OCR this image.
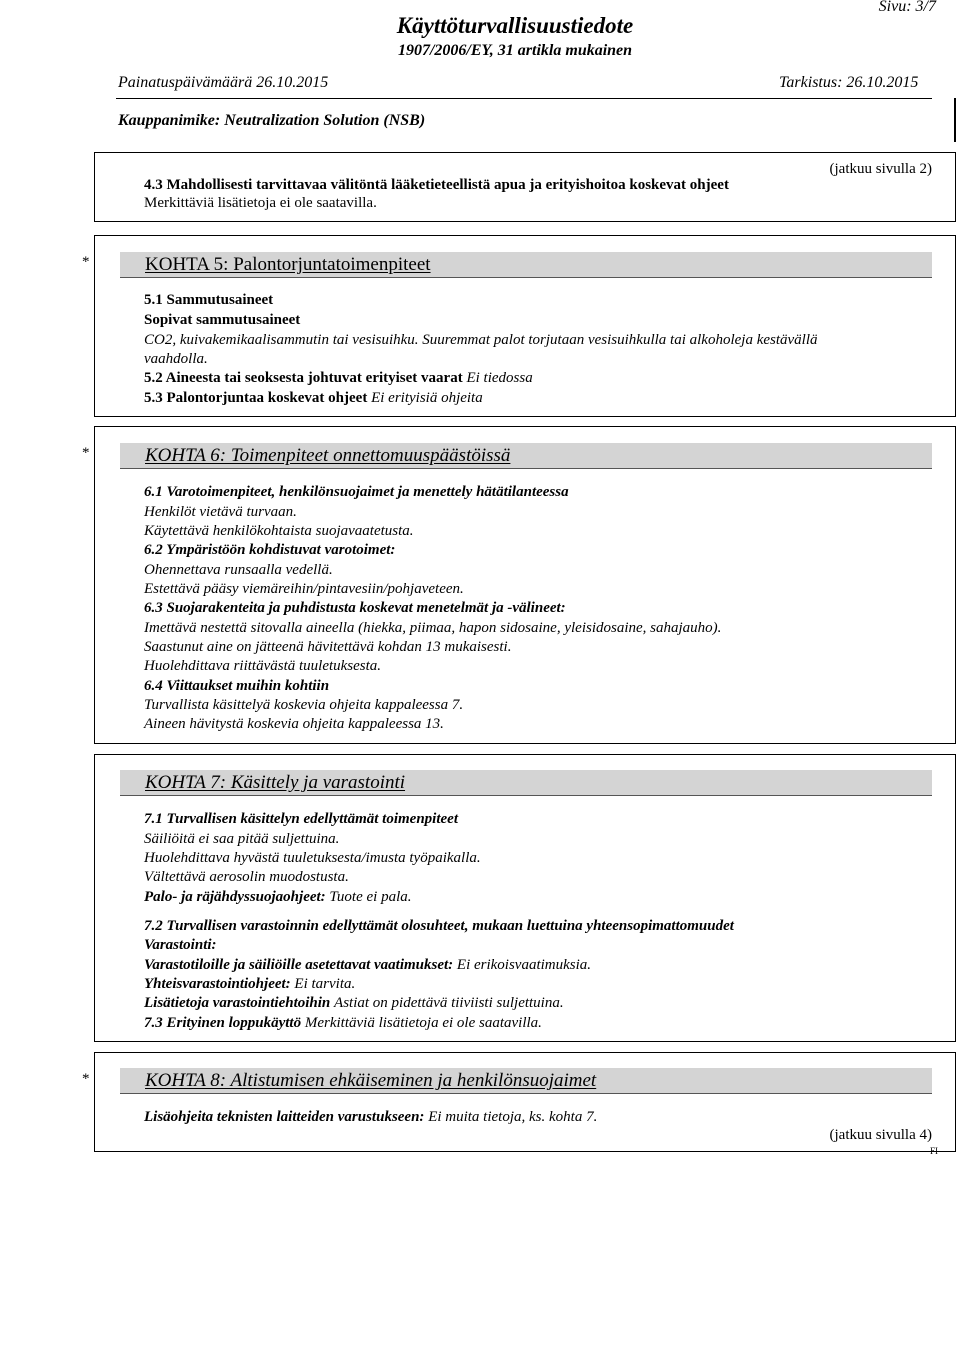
Sivu: 3/7
Käyttöturvallisuustiedote
1907/2006/EY, 31 artikla mukainen
Painatuspäivämäärä 26.10.2015	Tarkistus: 26.10.2015
Kauppanimike: Neutralization Solution (NSB)
(jatkuu sivulla 2)
4.3 Mahdollisesti tarvittavaa välitöntä lääketieteellistä apua ja erityishoitoa koskevat ohjeet
Merkittäviä lisätietoja ei ole saatavilla.
*	KOHTA 5: Palontorjuntatoimenpiteet
5.1 Sammutusaineet
Sopivat sammutusaineet
CO2, kuivakemikaalisammutin tai vesisuihku. Suuremmat palot torjutaan vesisuihkulla tai alkoholeja kestävällä
vaahdolla.
5.2 Aineesta tai seoksesta johtuvat erityiset vaarat Ei tiedossa
5.3 Palontorjuntaa koskevat ohjeet Ei erityisiä ohjeita
*	KOHTA 6: Toimenpiteet onnettomuuspäästöissä
6.1 Varotoimenpiteet, henkilönsuojaimet ja menettely hätätilanteessa
Henkilöt vietävä turvaan.
Käytettävä henkilökohtaista suojavaatetusta.
6.2 Ympäristöön kohdistuvat varotoimet:
Ohennettava runsaalla vedellä.
Estettävä pääsy viemäreihin/pintavesiin/pohjaveteen.
6.3 Suojarakenteita ja puhdistusta koskevat menetelmät ja -välineet:
Imettävä nestettä sitovalla aineella (hiekka, piimaa, hapon sidosaine, yleisidosaine, sahajauho).
Saastunut aine on jätteenä hävitettävä kohdan 13 mukaisesti.
Huolehdittava riittävästä tuuletuksesta.
6.4 Viittaukset muihin kohtiin
Turvallista käsittelyä koskevia ohjeita kappaleessa 7.
Aineen hävitystä koskevia ohjeita kappaleessa 13.
KOHTA 7: Käsittely ja varastointi
7.1 Turvallisen käsittelyn edellyttämät toimenpiteet
Säiliöitä ei saa pitää suljettuina.
Huolehdittava hyvästä tuuletuksesta/imusta työpaikalla.
Vältettävä aerosolin muodostusta.
Palo- ja räjähdyssuojaohjeet: Tuote ei pala.
7.2 Turvallisen varastoinnin edellyttämät olosuhteet, mukaan luettuina yhteensopimattomuudet
Varastointi:
Varastotiloille ja säiliöille asetettavat vaatimukset: Ei erikoisvaatimuksia.
Yhteisvarastointiohjeet: Ei tarvita.
Lisätietoja varastointiehtoihin Astiat on pidettävä tiiviisti suljettuina.
7.3 Erityinen loppukäyttö Merkittäviä lisätietoja ei ole saatavilla.
*	KOHTA 8: Altistumisen ehkäiseminen ja henkilönsuojaimet
Lisäohjeita teknisten laitteiden varustukseen: Ei muita tietoja, ks. kohta 7.
(jatkuu sivulla 4)
FI
